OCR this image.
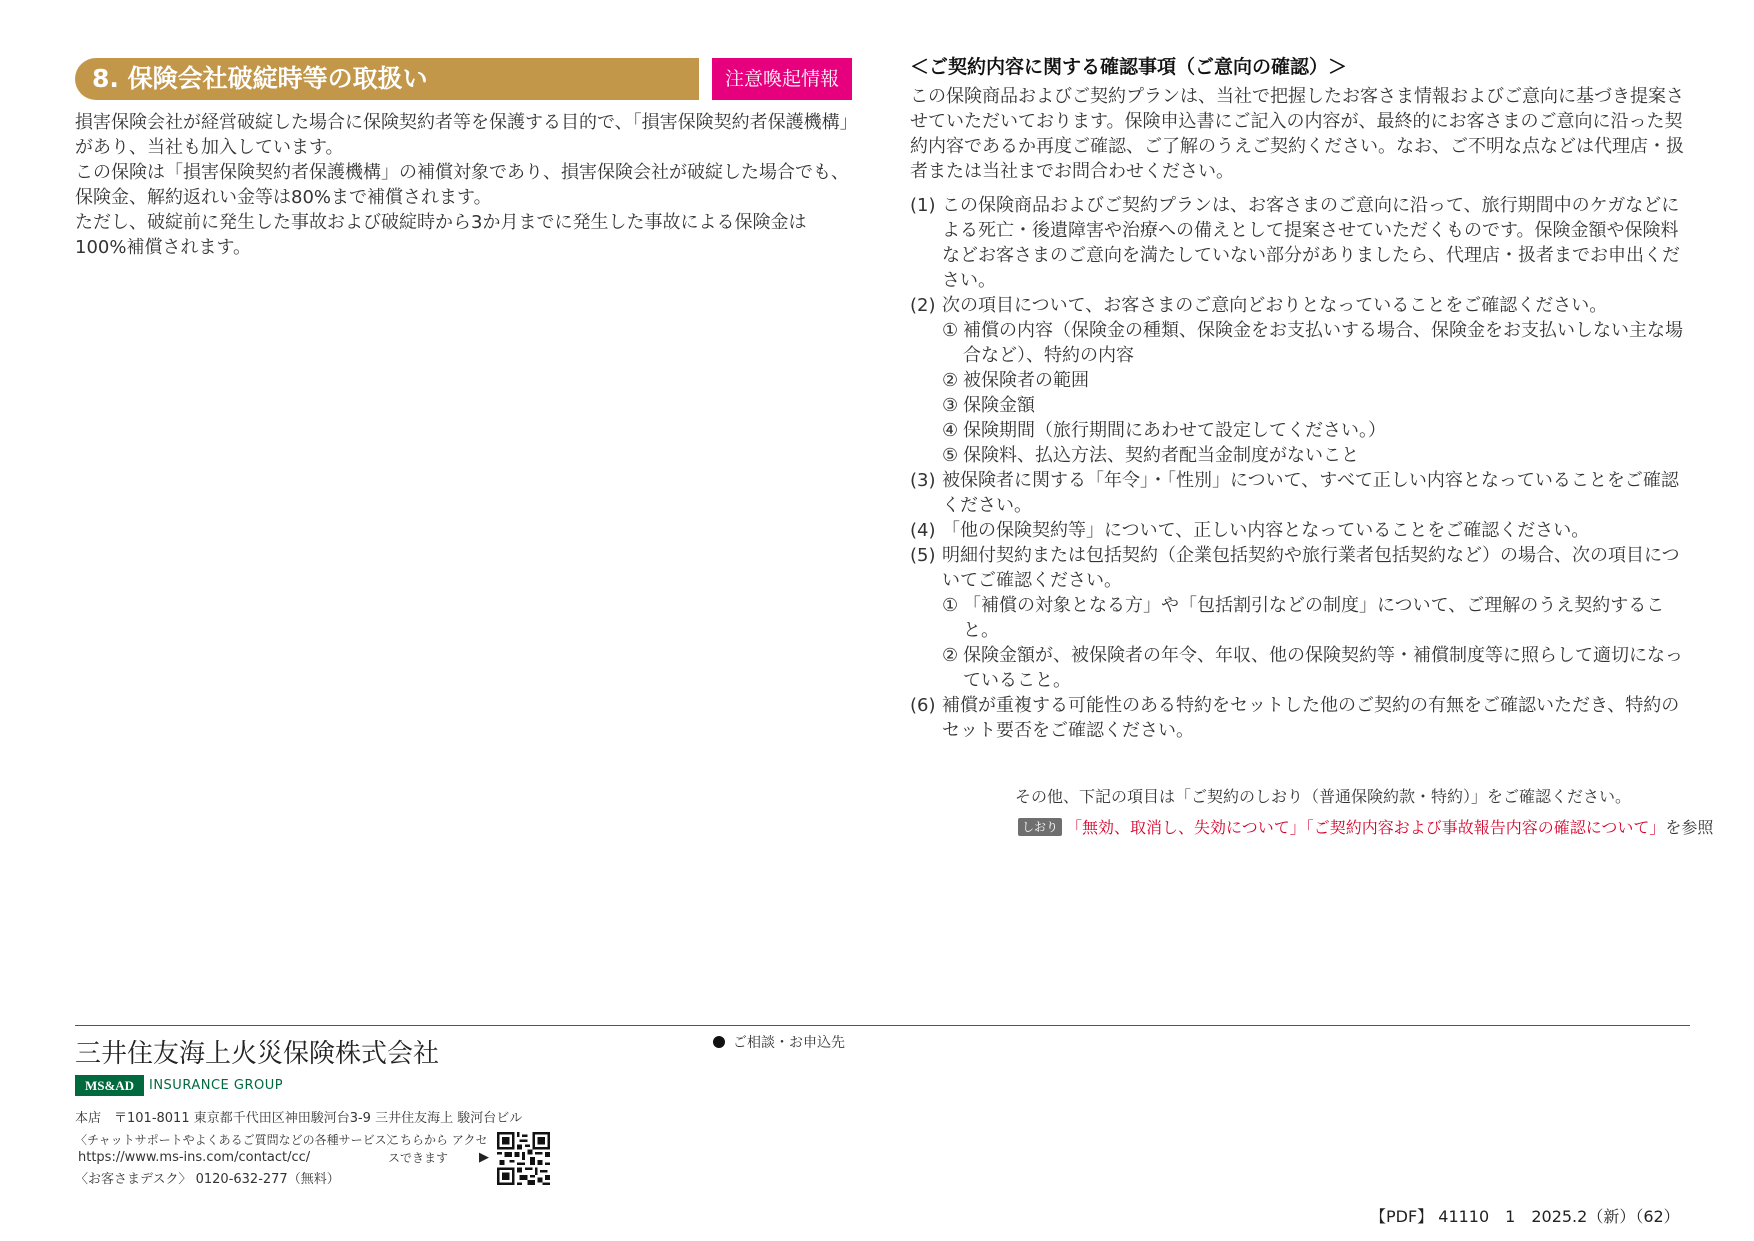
8. 保険会社破綻時等の取扱い	注意喚起情報

損害保険会社が経営破綻した場合に保険契約者等を保護する目的で、「損害保険契約者保護機構」があり、当社も加入しています。

この保険は「損害保険契約者保護機構」の補償対象であり、損害保険会社が破綻した場合でも、保険金、解約返れい金等は80%まで補償されます。

ただし、破綻前に発生した事故および破綻時から3か月までに発生した事故による保険金は100%補償されます。

＜ご契約内容に関する確認事項（ご意向の確認）＞

この保険商品およびご契約プランは、当社で把握したお客さま情報およびご意向に基づき提案させていただいております。保険申込書にご記入の内容が、最終的にお客さまのご意向に沿った契約内容であるか再度ご確認、ご了解のうえご契約ください。なお、ご不明な点などは代理店・扱者または当社までお問合わせください。

(1) この保険商品およびご契約プランは、お客さまのご意向に沿って、旅行期間中のケガなどによる死亡・後遺障害や治療への備えとして提案させていただくものです。保険金額や保険料などお客さまのご意向を満たしていない部分がありましたら、代理店・扱者までお申出ください。
(2) 次の項目について、お客さまのご意向どおりとなっていることをご確認ください。
① 補償の内容（保険金の種類、保険金をお支払いする場合、保険金をお支払いしない主な場合など）、特約の内容
② 被保険者の範囲
③ 保険金額
④ 保険期間（旅行期間にあわせて設定してください。）
⑤ 保険料、払込方法、契約者配当金制度がないこと
(3) 被保険者に関する「年令」・「性別」について、すべて正しい内容となっていることをご確認ください。
(4) 「他の保険契約等」について、正しい内容となっていることをご確認ください。
(5) 明細付契約または包括契約（企業包括契約や旅行業者包括契約など）の場合、次の項目についてご確認ください。
① 「補償の対象となる方」や「包括割引などの制度」について、ご理解のうえ契約すること。
② 保険金額が、被保険者の年令、年収、他の保険契約等・補償制度等に照らして適切になっていること。
(6) 補償が重複する可能性のある特約をセットした他のご契約の有無をご確認いただき、特約のセット要否をご確認ください。
その他、下記の項目は「ご契約のしおり（普通保険約款・特約）」をご確認ください。
しおり 「無効、取消し、失効について」「ご契約内容および事故報告内容の確認について」を参照
三井住友海上火災保険株式会社
MS&AD	INSURANCE GROUP
本店　〒101-8011 東京都千代田区神田駿河台3-9 三井住友海上 駿河台ビル
〈チャットサポートやよくあるご質問などの各種サービス〉
https://www.ms-ins.com/contact/cc/
〈お客さまデスク〉 0120-632-277（無料）
こちらから アクセスできます	▶
ご相談・お申込先
【PDF】 41110　1　2025.2（新）（62）
